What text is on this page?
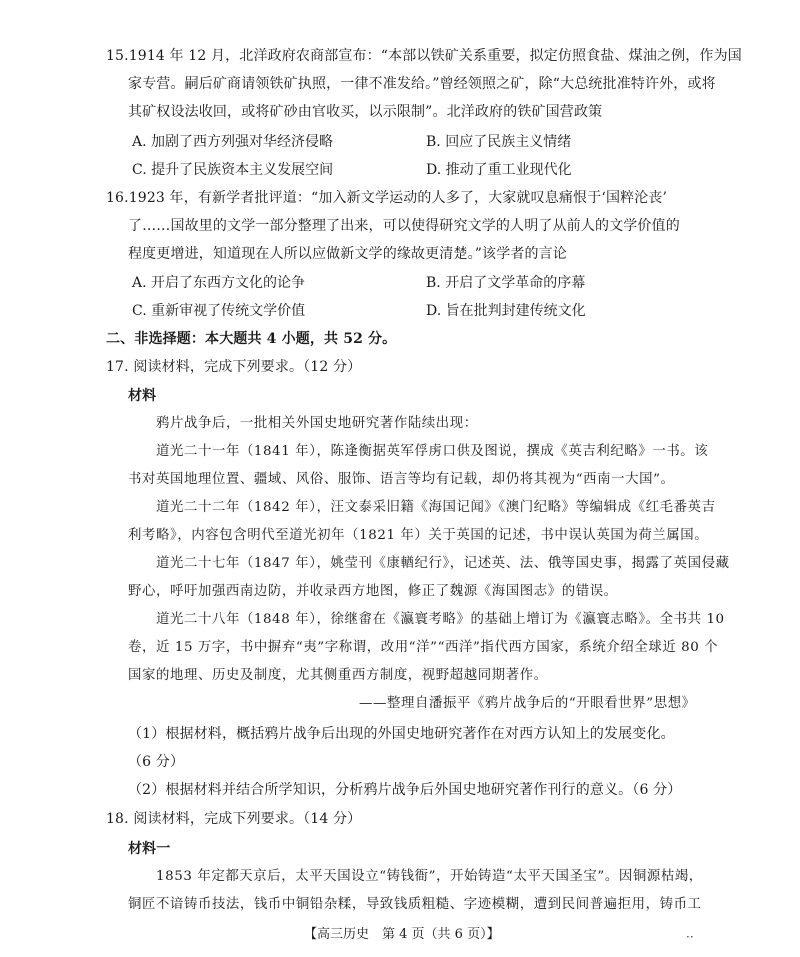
15.1914 年 12 月，北洋政府农商部宣布：“本部以铁矿关系重要，拟定仿照食盐、煤油之例，作为国
家专营。嗣后矿商请领铁矿执照，一律不准发给。”曾经领照之矿，除“大总统批准特许外，或将
其矿权设法收回，或将矿砂由官收买，以示限制”。北洋政府的铁矿国营政策
A. 加剧了西方列强对华经济侵略	B. 回应了民族主义情绪
C. 提升了民族资本主义发展空间	D. 推动了重工业现代化
16.1923 年，有新学者批评道：“加入新文学运动的人多了，大家就叹息痛恨于‘国粹沦丧’
了……国故里的文学一部分整理了出来，可以使得研究文学的人明了从前人的文学价值的
程度更增进，知道现在人所以应做新文学的缘故更清楚。”该学者的言论
A. 开启了东西方文化的论争	B. 开启了文学革命的序幕
C. 重新审视了传统文学价值	D. 旨在批判封建传统文化
二、非选择题：本大题共 4 小题，共 52 分。
17. 阅读材料，完成下列要求。（12 分）
材料
鸦片战争后，一批相关外国史地研究著作陆续出现：
道光二十一年（1841 年），陈逢衡据英军俘虏口供及图说，撰成《英吉利纪略》一书。该
书对英国地理位置、疆域、风俗、服饰、语言等均有记载，却仍将其视为“西南一大国”。
道光二十二年（1842 年），汪文泰采旧籍《海国记闻》《澳门纪略》等编辑成《红毛番英吉
利考略》，内容包含明代至道光初年（1821 年）关于英国的记述，书中误认英国为荷兰属国。
道光二十七年（1847 年），姚莹刊《康輶纪行》，记述英、法、俄等国史事，揭露了英国侵藏
野心，呼吁加强西南边防，并收录西方地图，修正了魏源《海国图志》的错误。
道光二十八年（1848 年），徐继畬在《瀛寰考略》的基础上增订为《瀛寰志略》。全书共 10
卷，近 15 万字，书中摒弃“夷”字称谓，改用“洋”“西洋”指代西方国家，系统介绍全球近 80 个
国家的地理、历史及制度，尤其侧重西方制度，视野超越同期著作。
——整理自潘振平《鸦片战争后的“开眼看世界”思想》
（1）根据材料，概括鸦片战争后出现的外国史地研究著作在对西方认知上的发展变化。
（6 分）
（2）根据材料并结合所学知识，分析鸦片战争后外国史地研究著作刊行的意义。（6 分）
18. 阅读材料，完成下列要求。（14 分）
材料一
1853 年定都天京后，太平天国设立“铸钱衙”，开始铸造“太平天国圣宝”。因铜源枯竭，
铜匠不谙铸币技法，钱币中铜铅杂糅，导致钱质粗糙、字迹模糊，遭到民间普遍拒用，铸币工
【高三历史　第 4 页（共 6 页）】	··
